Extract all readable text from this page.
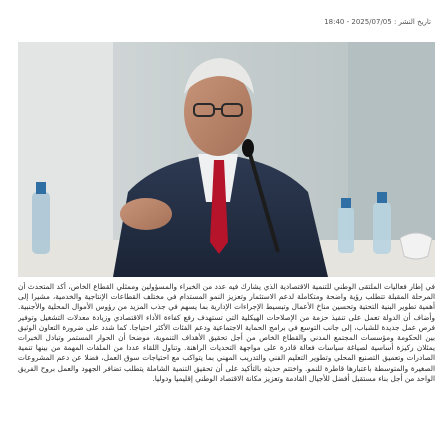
تاريخ النشر : 2025/07/05 - 18:40

في إطار فعاليات الملتقى الوطني للتنمية الاقتصادية الذي يشارك فيه عدد من الخبراء والمسؤولين وممثلي القطاع الخاص، أكد المتحدث أن المرحلة المقبلة تتطلب رؤية واضحة ومتكاملة لدعم الاستثمار وتعزيز النمو المستدام في مختلف القطاعات الإنتاجية والخدمية، مشيرا إلى أهمية تطوير البنية التحتية وتحسين مناخ الأعمال وتبسيط الإجراءات الإدارية بما يسهم في جذب المزيد من رؤوس الأموال المحلية والأجنبية. وأضاف أن الدولة تعمل على تنفيذ حزمة من الإصلاحات الهيكلية التي تستهدف رفع كفاءة الأداء الاقتصادي وزيادة معدلات التشغيل وتوفير فرص عمل جديدة للشباب، إلى جانب التوسع في برامج الحماية الاجتماعية ودعم الفئات الأكثر احتياجا. كما شدد على ضرورة التعاون الوثيق بين الحكومة ومؤسسات المجتمع المدني والقطاع الخاص من أجل تحقيق الأهداف التنموية، موضحا أن الحوار المستمر وتبادل الخبرات يمثلان ركيزة أساسية لصياغة سياسات فعالة قادرة على مواجهة التحديات الراهنة. وتناول اللقاء عددا من الملفات المهمة من بينها تنمية الصادرات وتعميق التصنيع المحلي وتطوير التعليم الفني والتدريب المهني بما يتواكب مع احتياجات سوق العمل، فضلا عن دعم المشروعات الصغيرة والمتوسطة باعتبارها قاطرة للنمو. واختتم حديثه بالتأكيد على أن تحقيق التنمية الشاملة يتطلب تضافر الجهود والعمل بروح الفريق الواحد من أجل بناء مستقبل أفضل للأجيال القادمة وتعزيز مكانة الاقتصاد الوطني إقليميا ودوليا.
